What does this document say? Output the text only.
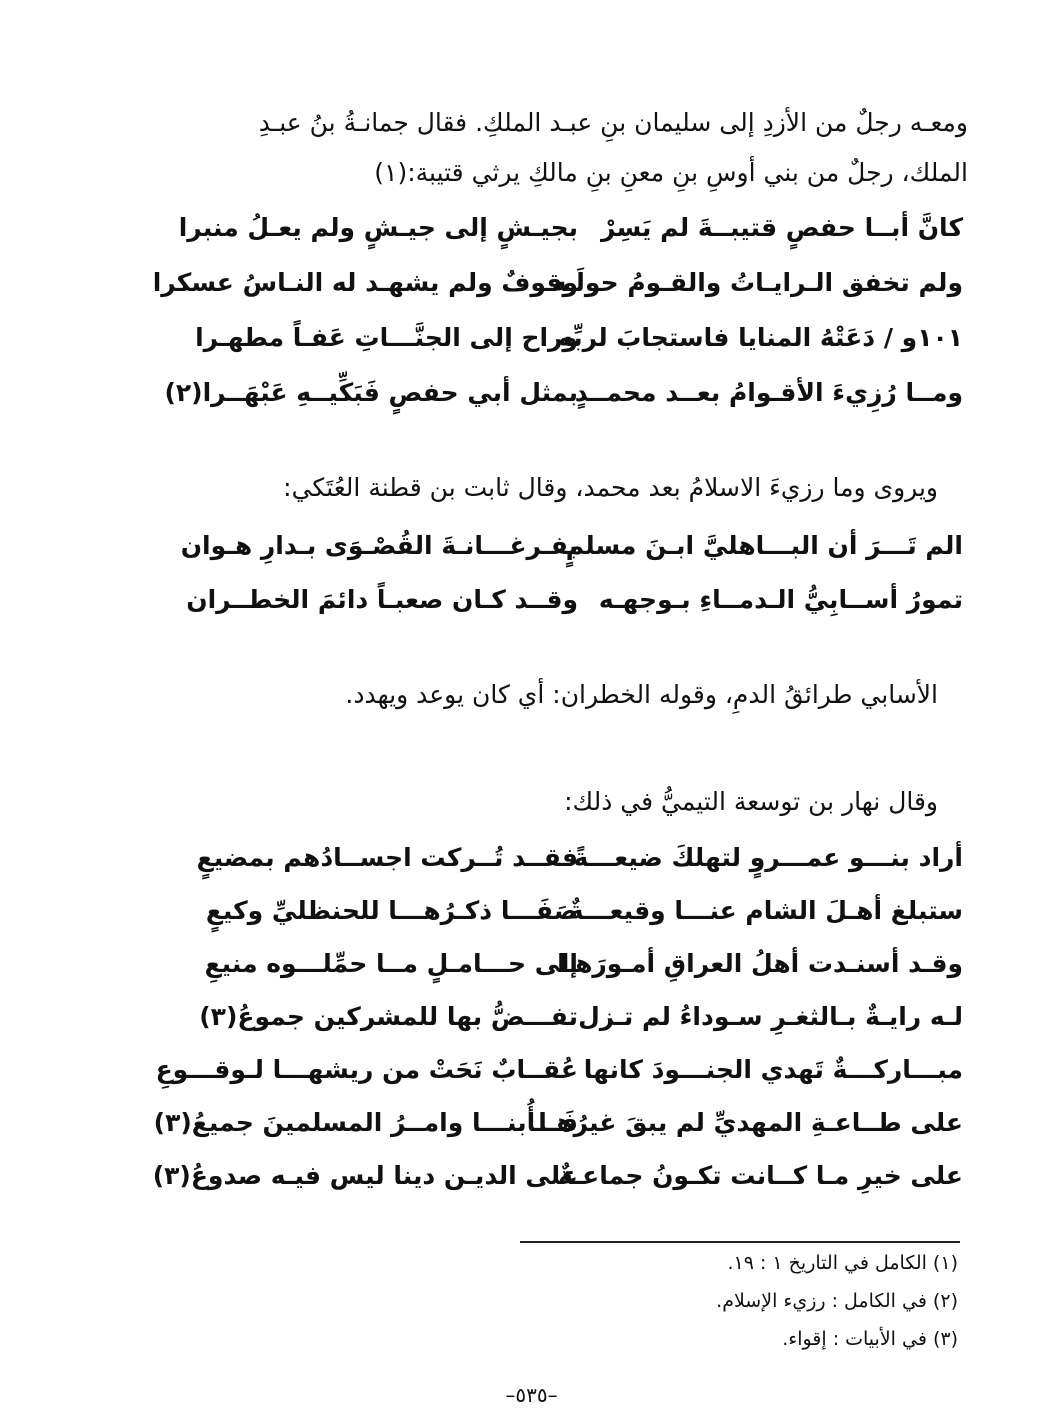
ومعـه رجلٌ من الأزدِ إلى سليمان بنِ عبـد الملكِ. فقال جمانـةُ بنُ عبـدِ
الملك، رجلٌ من بني أوسِ بنِ معنِ بنِ مالكِ يرثي قتيبة:(١)
كانَّ أبــا حفصٍ قتيبــةَ لم يَسِرْ
بجيـشٍ إلى جيـشٍ ولم يعـلُ منبرا
ولم تخفق الـرايـاتُ والقـومُ حولَـه
وقوفٌ ولم يشهـد له النـاسُ عسكرا
١٠١و / دَعَتْهُ المنايا فاستجابَ لربِّهِ
وراح إلى الجنَّـــاتِ عَفـاً مطهـرا
ومــا رُزِيءَ الأقـوامُ بعــد محمــدٍ
بمثل أبي حفصٍ فَبَكِّيــهِ عَبْهَــرا(٢)
ويروى وما رزيءَ الاسلامُ بعد محمد، وقال ثابت بن قطنة العُتَكي:
الم تَـــرَ أن البـــاهليَّ ابـنَ مسلمٍ
بفـرغـــانـةَ القُصْـوَى بـدارِ هـوان
تمورُ أســابِيُّ الـدمــاءِ بـوجهـه
وقــد كـان صعبـاً دائمَ الخطــران
الأسابي طرائقُ الدمِ، وقوله الخطران: أي كان يوعد ويهدد.
وقال نهار بن توسعة التيميُّ في ذلك:
أراد بنـــو عمـــروٍ لتهلكَ ضيعـــةً
فقــد تُــركت اجســادُهم بمضيعٍ
ستبلغ أهـلَ الشام عنـــا وقيعـــةٌ
صَفَـــا ذكـرُهـــا للحنظليِّ وكيعٍ
وقـد أسنـدت أهلُ العراقِ أمـورَهـا
إلى حـــامـلٍ مــا حمِّلـــوه منيعِ
لـه رايـةٌ بـالثغـرِ سـوداءُ لم تـزل
تفـــضُّ بها للمشركين جموعُ(٣)
مبـــاركـــةٌ تَهدي الجنـــودَ كانها
عُقــابٌ نَحَتْ من ريشهـــا لـوقـــوعِ
على طــاعـةِ المهديِّ لم يبقَ غيرُهـا
فَـــأُبنـــا وامــرُ المسلمينَ جميعُ(٣)
على خيرِ مـا كــانت تكـونُ جماعـةٌ
على الديـن دينا ليس فيـه صدوعُ(٣)
(١) الكامل في التاريخ ١ : ١٩.
(٢) في الكامل : رزيء الإسلام.
(٣) في الأبيات : إقواء.
–٥٣٥–
